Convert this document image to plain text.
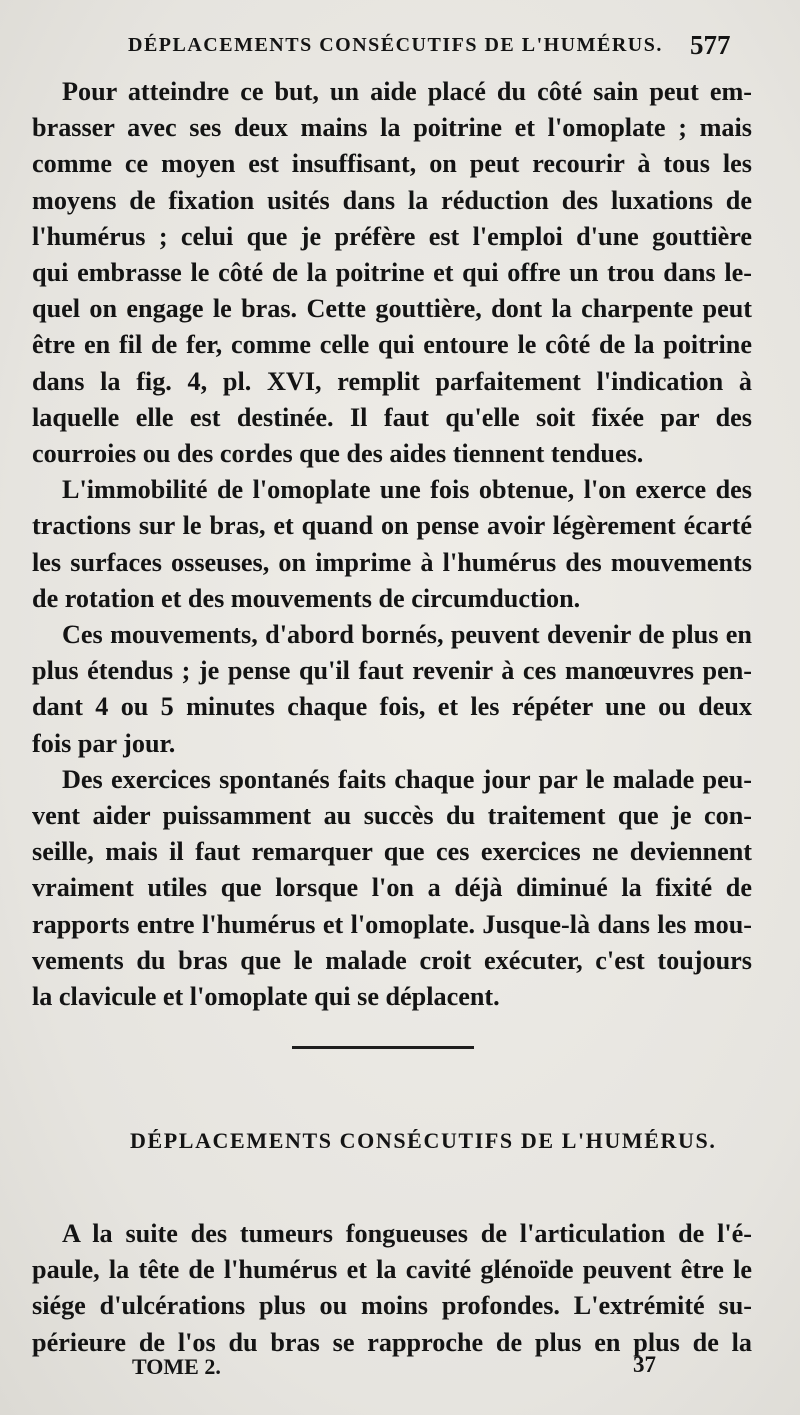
DÉPLACEMENTS CONSÉCUTIFS DE L'HUMÉRUS. 577
Pour atteindre ce but, un aide placé du côté sain peut em-
brasser avec ses deux mains la poitrine et l'omoplate ; mais
comme ce moyen est insuffisant, on peut recourir à tous les
moyens de fixation usités dans la réduction des luxations de
l'humérus ; celui que je préfère est l'emploi d'une gouttière
qui embrasse le côté de la poitrine et qui offre un trou dans le-
quel on engage le bras. Cette gouttière, dont la charpente peut
être en fil de fer, comme celle qui entoure le côté de la poitrine
dans la fig. 4, pl. XVI, remplit parfaitement l'indication à
laquelle elle est destinée. Il faut qu'elle soit fixée par des
courroies ou des cordes que des aides tiennent tendues.
L'immobilité de l'omoplate une fois obtenue, l'on exerce des
tractions sur le bras, et quand on pense avoir légèrement écarté
les surfaces osseuses, on imprime à l'humérus des mouvements
de rotation et des mouvements de circumduction.
Ces mouvements, d'abord bornés, peuvent devenir de plus en
plus étendus ; je pense qu'il faut revenir à ces manœuvres pen-
dant 4 ou 5 minutes chaque fois, et les répéter une ou deux
fois par jour.
Des exercices spontanés faits chaque jour par le malade peu-
vent aider puissamment au succès du traitement que je con-
seille, mais il faut remarquer que ces exercices ne deviennent
vraiment utiles que lorsque l'on a déjà diminué la fixité de
rapports entre l'humérus et l'omoplate. Jusque-là dans les mou-
vements du bras que le malade croit exécuter, c'est toujours
la clavicule et l'omoplate qui se déplacent.
DÉPLACEMENTS CONSÉCUTIFS DE L'HUMÉRUS.
A la suite des tumeurs fongueuses de l'articulation de l'é-
paule, la tête de l'humérus et la cavité glénoïde peuvent être le
siége d'ulcérations plus ou moins profondes. L'extrémité su-
périeure de l'os du bras se rapproche de plus en plus de la
TOME 2.	37
